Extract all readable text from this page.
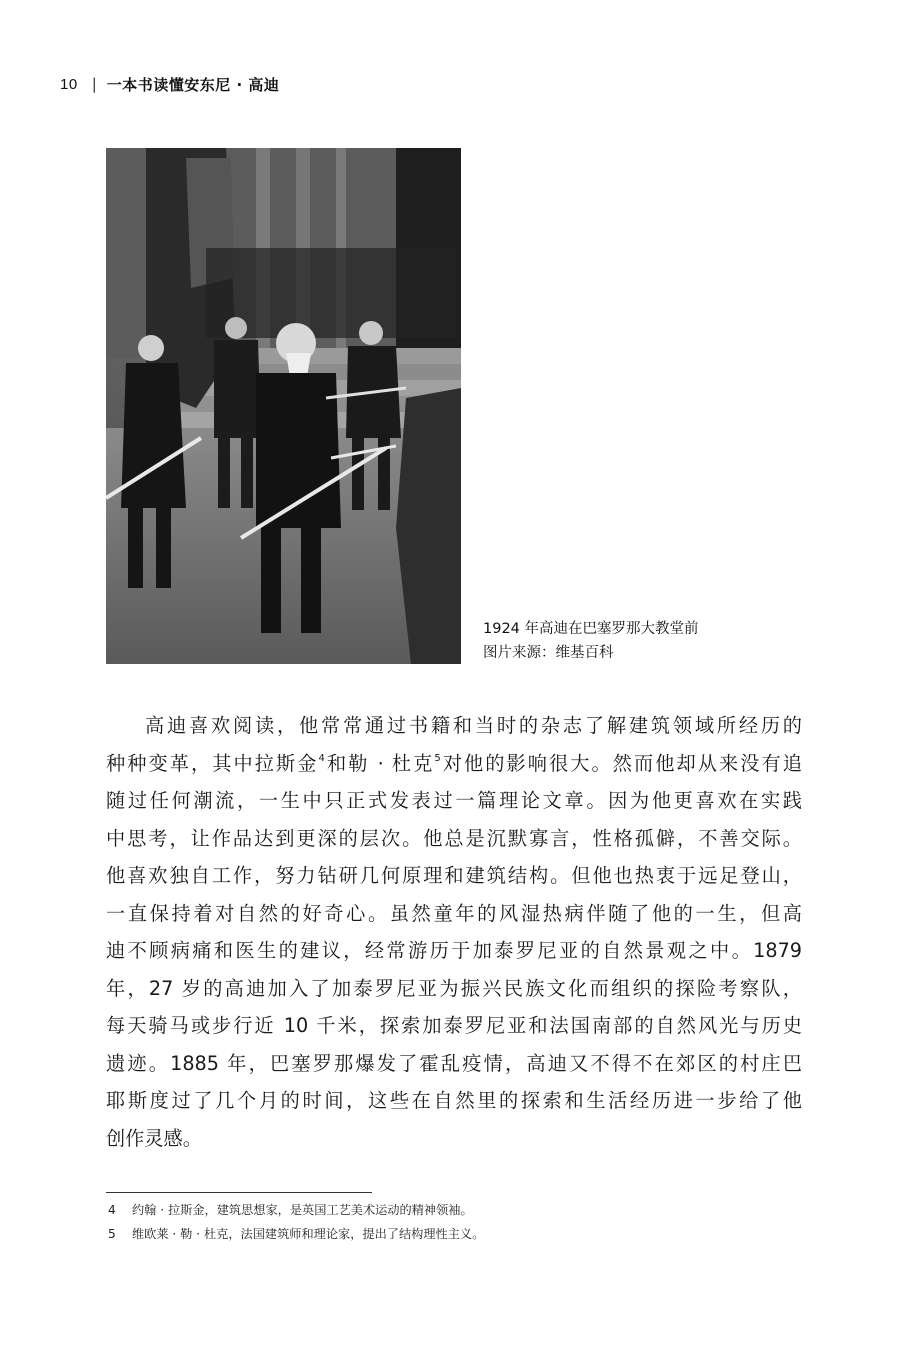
10 | 一本书读懂安东尼 · 高迪
1924 年高迪在巴塞罗那大教堂前
图片来源：维基百科
高迪喜欢阅读，他常常通过书籍和当时的杂志了解建筑领域所经历的
种种变革，其中拉斯金$^4$和勒 · 杜克$^5$对他的影响很大。然而他却从来没有追
随过任何潮流，一生中只正式发表过一篇理论文章。因为他更喜欢在实践
中思考，让作品达到更深的层次。他总是沉默寡言，性格孤僻，不善交际。
他喜欢独自工作，努力钻研几何原理和建筑结构。但他也热衷于远足登山，
一直保持着对自然的好奇心。虽然童年的风湿热病伴随了他的一生，但高
迪不顾病痛和医生的建议，经常游历于加泰罗尼亚的自然景观之中。1879
年，27 岁的高迪加入了加泰罗尼亚为振兴民族文化而组织的探险考察队，
每天骑马或步行近 10 千米，探索加泰罗尼亚和法国南部的自然风光与历史
遗迹。1885 年，巴塞罗那爆发了霍乱疫情，高迪又不得不在郊区的村庄巴
耶斯度过了几个月的时间，这些在自然里的探索和生活经历进一步给了他
创作灵感。
4 约翰 · 拉斯金，建筑思想家，是英国工艺美术运动的精神领袖。
5 维欧莱 · 勒 · 杜克，法国建筑师和理论家，提出了结构理性主义。
